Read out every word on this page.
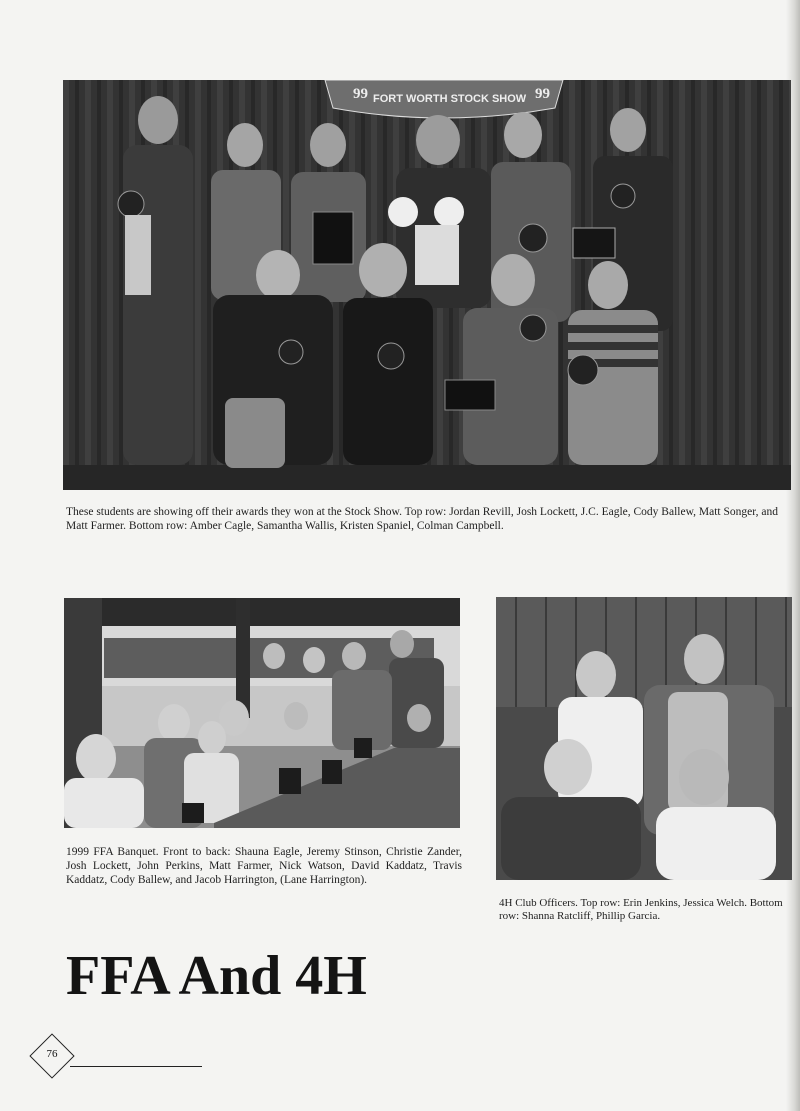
99 FORT WORTH STOCK SHOW 99

These students are showing off their awards they won at the Stock Show. Top row: Jordan Revill, Josh Lockett, J.C. Eagle, Cody Ballew, Matt Songer, and Matt Farmer. Bottom row: Amber Cagle, Samantha Wallis, Kristen Spaniel, Colman Campbell.

1999 FFA Banquet. Front to back: Shauna Eagle, Jeremy Stinson, Christie Zander, Josh Lockett, John Perkins, Matt Farmer, Nick Watson, David Kaddatz, Travis Kaddatz, Cody Ballew, and Jacob Harrington, (Lane Harrington).

4H Club Officers. Top row: Erin Jenkins, Jessica Welch. Bottom row: Shanna Ratcliff, Phillip Garcia.

FFA And 4H
76
